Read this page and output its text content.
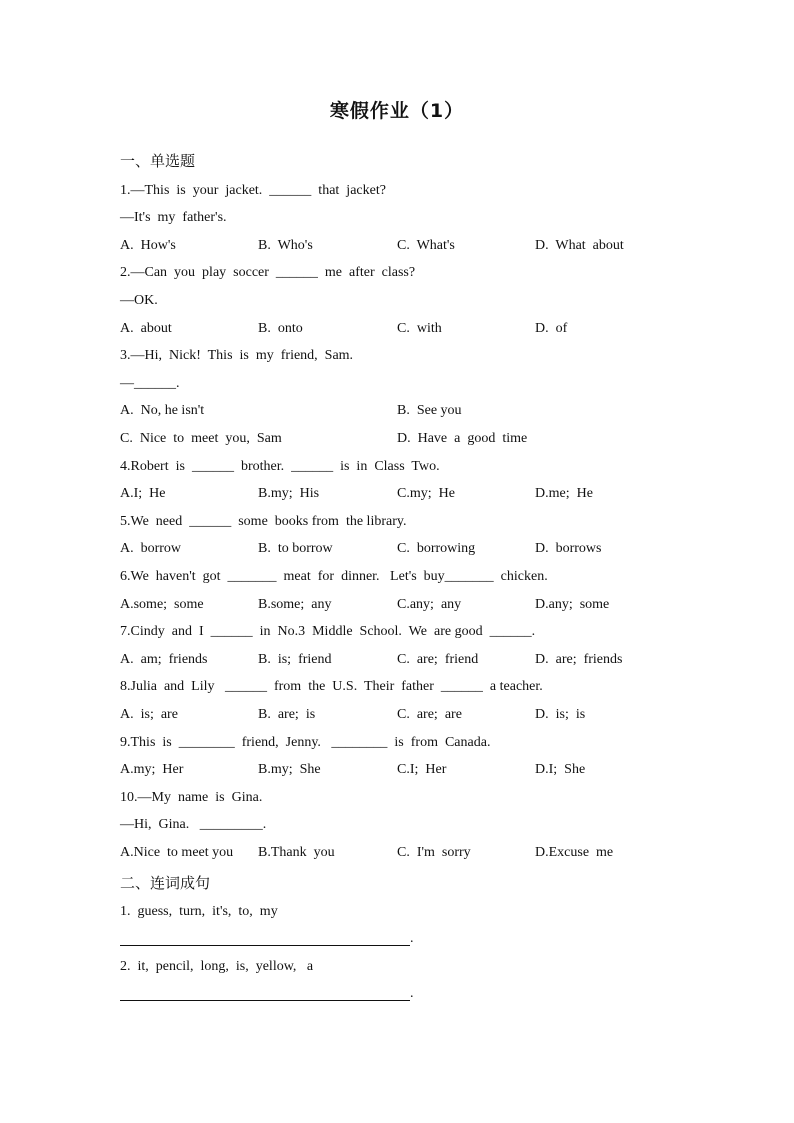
寒假作业（1）
一、单选题
1.—This  is  your  jacket.  ______  that  jacket?
—It's  my  father's.
A.  How's	B.  Who's	C.  What's	D.  What  about
2.—Can  you  play  soccer  ______  me  after  class?
—OK.
A.  about	B.  onto	C.  with	D.  of
3.—Hi,  Nick!  This  is  my  friend,  Sam.
—______.
A.  No, he isn't	B.  See you
C.  Nice  to  meet  you,  Sam	D.  Have  a  good  time
4.Robert  is  ______  brother.  ______  is  in  Class  Two.
A.I;  He	B.my;  His	C.my;  He	D.me;  He
5.We  need  ______  some  books from  the library.
A.  borrow	B.  to borrow	C.  borrowing	D.  borrows
6.We  haven't  got  _______  meat  for  dinner.   Let's  buy_______  chicken.
A.some;  some	B.some;  any	C.any;  any	D.any;  some
7.Cindy  and  I  ______  in  No.3  Middle  School.  We  are good  ______.
A.  am;  friends	B.  is;  friend	C.  are;  friend	D.  are;  friends
8.Julia  and  Lily   ______  from  the  U.S.  Their  father  ______  a teacher.
A.  is;  are	B.  are;  is	C.  are;  are	D.  is;  is
9.This  is  ________  friend,  Jenny.   ________  is  from  Canada.
A.my;  Her	B.my;  She	C.I;  Her	D.I;  She
10.—My  name  is  Gina.
—Hi,  Gina.   _________.
A.Nice  to meet you B.Thank  you	C.  I'm  sorry	D.Excuse  me
二、连词成句
1.  guess,  turn,  it's,  to,  my
.
2.  it,  pencil,  long,  is,  yellow,   a
.
